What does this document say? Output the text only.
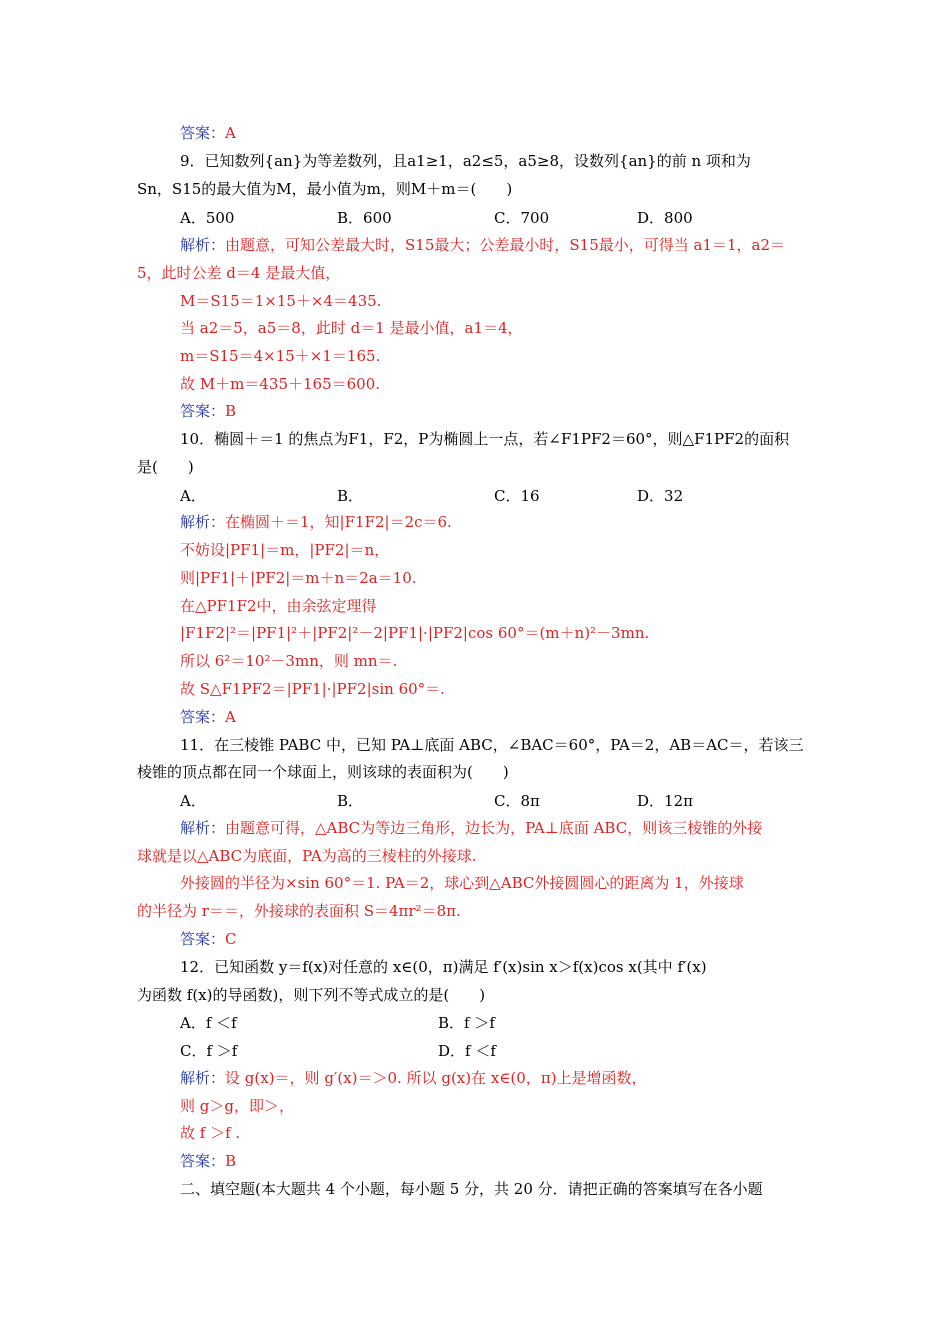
答案：A
9．已知数列{an}为等差数列，且a1≥1，a2≤5，a5≥8，设数列{an}的前 n 项和为
Sn，S15的最大值为M，最小值为m，则M＋m＝(　　)
A．500	B．600	C．700	D．800
解析：由题意，可知公差最大时，S15最大；公差最小时，S15最小，可得当 a1＝1，a2＝
5，此时公差 d＝4 是最大值，
M＝S15＝1×15＋×4＝435.
当 a2＝5，a5＝8，此时 d＝1 是最小值，a1＝4，
m＝S15＝4×15＋×1＝165.
故 M＋m＝435＋165＝600.
答案：B
10．椭圆＋＝1 的焦点为F1，F2，P为椭圆上一点，若∠F1PF2＝60°，则△F1PF2的面积
是(　　)
A．	B．	C．16	D．32
解析：在椭圆＋＝1，知|F1F2|＝2c＝6.
不妨设|PF1|＝m，|PF2|＝n，
则|PF1|＋|PF2|＝m＋n＝2a＝10.
在△PF1F2中，由余弦定理得
|F1F2|²＝|PF1|²＋|PF2|²－2|PF1|·|PF2|cos 60°＝(m＋n)²－3mn.
所以 6²＝10²－3mn，则 mn＝.
故 S△F1PF2＝|PF1|·|PF2|sin 60°＝.
答案：A
11．在三棱锥 PABC 中，已知 PA⊥底面 ABC，∠BAC＝60°，PA＝2，AB＝AC＝，若该三
棱锥的顶点都在同一个球面上，则该球的表面积为(　　)
A．	B．	C．8π	D．12π
解析：由题意可得，△ABC为等边三角形，边长为，PA⊥底面 ABC，则该三棱锥的外接
球就是以△ABC为底面，PA为高的三棱柱的外接球.
外接圆的半径为×sin 60°＝1. PA＝2，球心到△ABC外接圆圆心的距离为 1，外接球
的半径为 r＝＝，外接球的表面积 S＝4πr²＝8π.
答案：C
12．已知函数 y＝f(x)对任意的 x∈(0，π)满足 f′(x)sin x＞f(x)cos x(其中 f′(x)
为函数 f(x)的导函数)，则下列不等式成立的是(　　)
A．f ＜f	B．f ＞f
C．f ＞f	D．f ＜f
解析：设 g(x)＝，则 g′(x)＝＞0. 所以 g(x)在 x∈(0，π)上是增函数，
则 g＞g，即＞，
故 f ＞f .
答案：B
二、填空题(本大题共 4 个小题，每小题 5 分，共 20 分．请把正确的答案填写在各小题
